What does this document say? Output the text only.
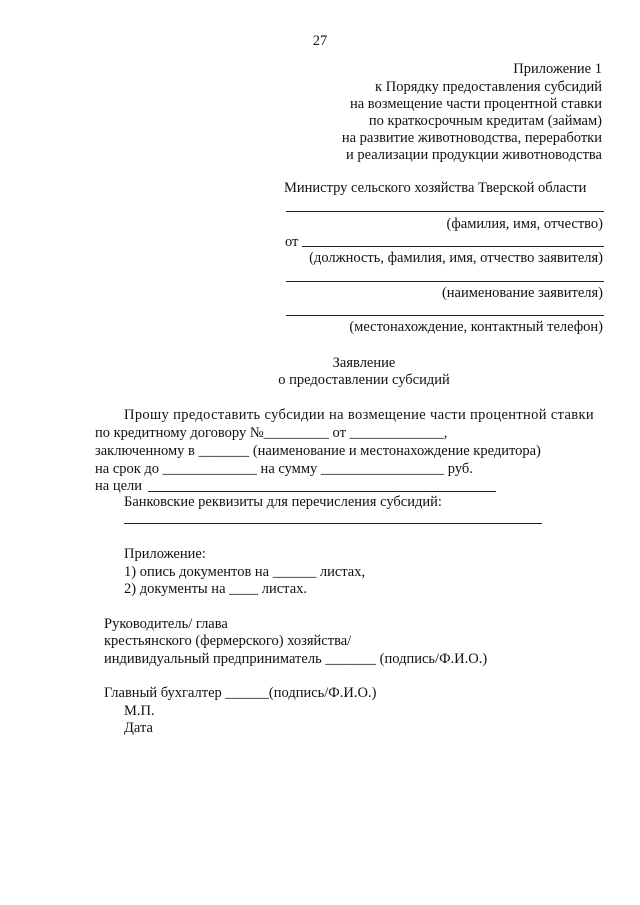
27
Приложение 1
к Порядку предоставления субсидий
на возмещение части процентной ставки
по краткосрочным кредитам (займам)
на развитие животноводства, переработки
и реализации продукции животноводства
Министру сельского хозяйства Тверской области
(фамилия, имя, отчество)
от
(должность, фамилия, имя, отчество заявителя)
(наименование заявителя)
(местонахождение, контактный телефон)
Заявление
о предоставлении субсидий
Прошу предоставить субсидии на возмещение части процентной ставки
по кредитному договору №_________ от _____________,
заключенному в _______ (наименование и местонахождение кредитора)
на срок до _____________ на сумму _________________ руб.
на цели
Банковские реквизиты для перечисления субсидий:
Приложение:
1) опись документов на ______ листах,
2) документы на ____ листах.
Руководитель/ глава
крестьянского (фермерского) хозяйства/
индивидуальный предприниматель _______ (подпись/Ф.И.О.)
Главный бухгалтер ______(подпись/Ф.И.О.)
М.П.
Дата
